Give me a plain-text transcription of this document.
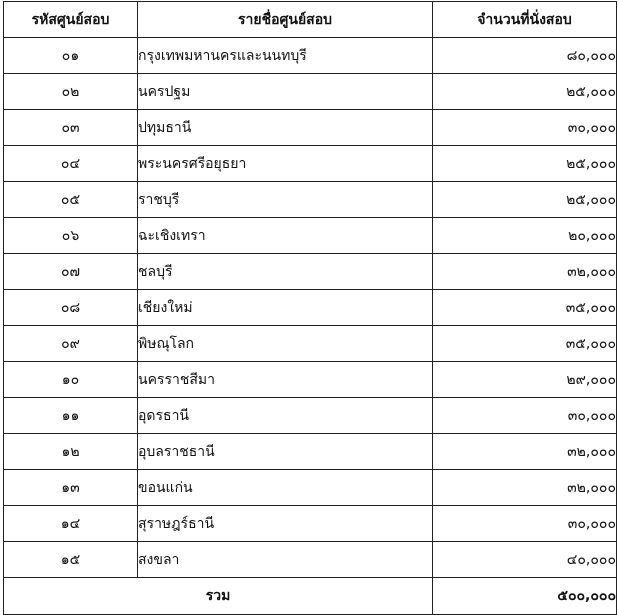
รหัสศูนย์สอบ	รายชื่อศูนย์สอบ	จำนวนที่นั่งสอบ
๐๑	กรุงเทพมหานครและนนทบุรี	๘๐,๐๐๐
๐๒	นครปฐม	๒๕,๐๐๐
๐๓	ปทุมธานี	๓๐,๐๐๐
๐๔	พระนครศรีอยุธยา	๒๕,๐๐๐
๐๕	ราชบุรี	๒๕,๐๐๐
๐๖	ฉะเชิงเทรา	๒๐,๐๐๐
๐๗	ชลบุรี	๓๒,๐๐๐
๐๘	เชียงใหม่	๓๕,๐๐๐
๐๙	พิษณุโลก	๓๕,๐๐๐
๑๐	นครราชสีมา	๒๙,๐๐๐
๑๑	อุดรธานี	๓๐,๐๐๐
๑๒	อุบลราชธานี	๓๒,๐๐๐
๑๓	ขอนแก่น	๓๒,๐๐๐
๑๔	สุราษฎร์ธานี	๓๐,๐๐๐
๑๕	สงขลา	๔๐,๐๐๐
รวม		๕๐๐,๐๐๐
